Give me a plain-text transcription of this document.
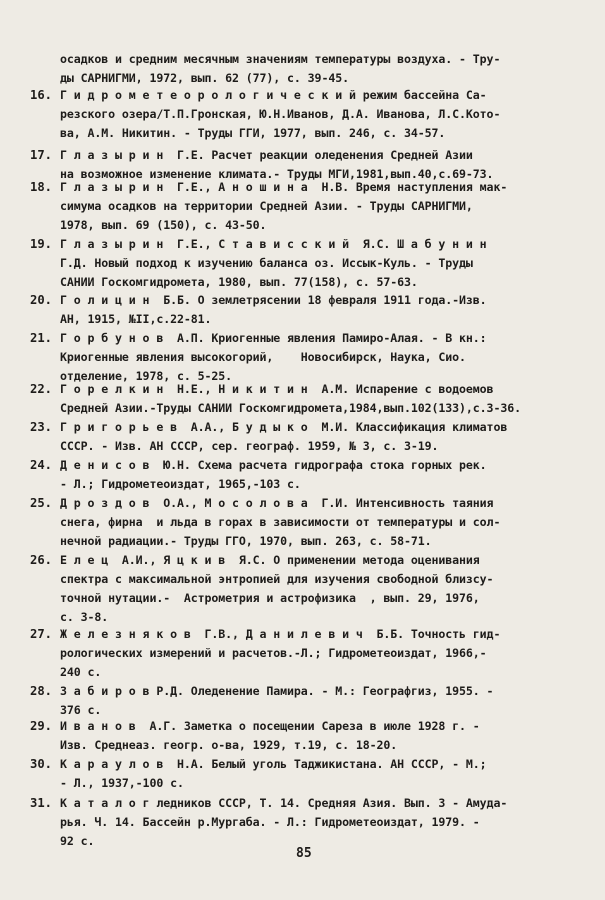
осадков и средним месячным значениям температуры воздуха. - Тру-
ды САРНИГМИ, 1972, вып. 62 (77), с. 39-45.
16. Г и д р о м е т е о р о л о г и ч е с к и й режим бассейна Са-
резского озера/Т.П.Гронская, Ю.Н.Иванов, Д.А. Иванова, Л.С.Кото-
ва, А.М. Никитин. - Труды ГГИ, 1977, вып. 246, с. 34-57.
17. Г л а з ы р и н  Г.Е. Расчет реакции оледенения Средней Азии
на возможное изменение климата.- Труды МГИ,1981,вып.40,с.69-73.
18. Г л а з ы р и н  Г.Е., А н о ш и н а  Н.В. Время наступления мак-
симума осадков на территории Средней Азии. - Труды САРНИГМИ,
1978, вып. 69 (150), с. 43-50.
19. Г л а з ы р и н  Г.Е., С т а в и с с к и й  Я.С. Ш а б у н и н
Г.Д. Новый подход к изучению баланса оз. Иссык-Куль. - Труды
САНИИ Госкомгидромета, 1980, вып. 77(158), с. 57-63.
20. Г о л и ц и н  Б.Б. О землетрясении 18 февраля 1911 года.-Изв.
АН, 1915, №II,с.22-81.
21. Г о р б у н о в  А.П. Криогенные явления Памиро-Алая. - В кн.:
Криогенные явления высокогорий,    Новосибирск, Наука, Сио.
отделение, 1978, с. 5-25.
22. Г о р е л к и н  Н.Е., Н и к и т и н  А.М. Испарение с водоемов
Средней Азии.-Труды САНИИ Госкомгидромета,1984,вып.102(133),с.3-36.
23. Г р и г о р ь е в  А.А., Б у д ы к о  М.И. Классификация климатов
СССР. - Изв. АН СССР, сер. географ. 1959, № 3, с. 3-19.
24. Д е н и с о в  Ю.Н. Схема расчета гидрографа стока горных рек.
- Л.; Гидрометеоиздат, 1965,-103 с.
25. Д р о з д о в  О.А., М о с о л о в а  Г.И. Интенсивность таяния
снега, фирна  и льда в горах в зависимости от температуры и сол-
нечной радиации.- Труды ГГО, 1970, вып. 263, с. 58-71.
26. Е л е ц  А.И., Я ц к и в  Я.С. О применении метода оценивания
спектра с максимальной энтропией для изучения свободной близсу-
точной нутации.-  Астрометрия и астрофизика  , вып. 29, 1976,
с. 3-8.
27. Ж е л е з н я к о в  Г.В., Д а н и л е в и ч  Б.Б. Точность гид-
рологических измерений и расчетов.-Л.; Гидрометеоиздат, 1966,-
240 с.
28. З а б и р о в Р.Д. Оледенение Памира. - М.: Географгиз, 1955. -
376 с.
29. И в а н о в  А.Г. Заметка о посещении Сареза в июле 1928 г. -
Изв. Среднеаз. геогр. о-ва, 1929, т.19, с. 18-20.
30. К а р а у л о в  Н.А. Белый уголь Таджикистана. АН СССР, - М.;
- Л., 1937,-100 с.
31. К а т а л о г ледников СССР, Т. 14. Средняя Азия. Вып. 3 - Амуда-
рья. Ч. 14. Бассейн р.Мургаба. - Л.: Гидрометеоиздат, 1979. -
92 с.
85
